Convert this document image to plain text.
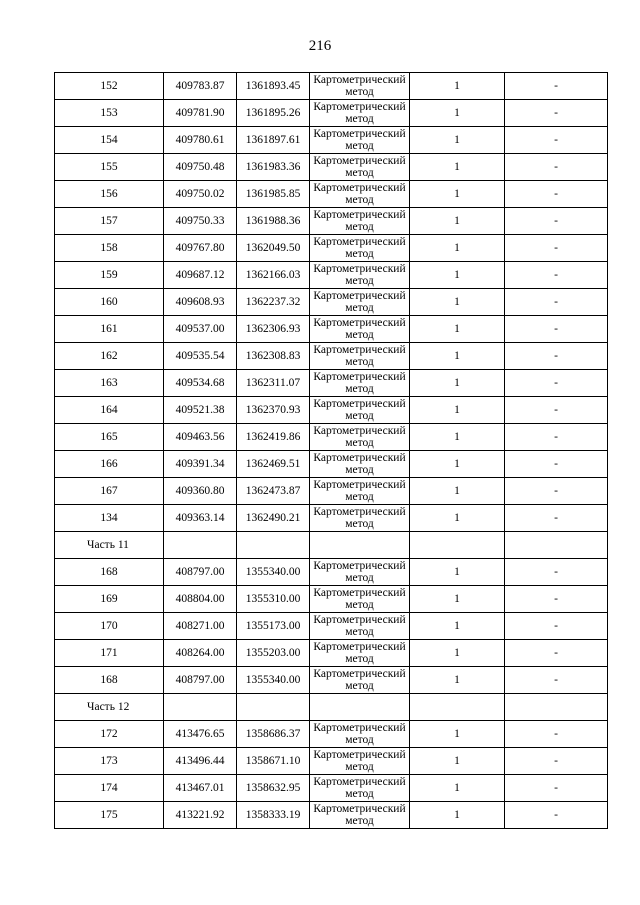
216
152	409783.87	1361893.45	Картометрический метод	1	-
153	409781.90	1361895.26	Картометрический метод	1	-
154	409780.61	1361897.61	Картометрический метод	1	-
155	409750.48	1361983.36	Картометрический метод	1	-
156	409750.02	1361985.85	Картометрический метод	1	-
157	409750.33	1361988.36	Картометрический метод	1	-
158	409767.80	1362049.50	Картометрический метод	1	-
159	409687.12	1362166.03	Картометрический метод	1	-
160	409608.93	1362237.32	Картометрический метод	1	-
161	409537.00	1362306.93	Картометрический метод	1	-
162	409535.54	1362308.83	Картометрический метод	1	-
163	409534.68	1362311.07	Картометрический метод	1	-
164	409521.38	1362370.93	Картометрический метод	1	-
165	409463.56	1362419.86	Картометрический метод	1	-
166	409391.34	1362469.51	Картометрический метод	1	-
167	409360.80	1362473.87	Картометрический метод	1	-
134	409363.14	1362490.21	Картометрический метод	1	-
Часть 11					
168	408797.00	1355340.00	Картометрический метод	1	-
169	408804.00	1355310.00	Картометрический метод	1	-
170	408271.00	1355173.00	Картометрический метод	1	-
171	408264.00	1355203.00	Картометрический метод	1	-
168	408797.00	1355340.00	Картометрический метод	1	-
Часть 12					
172	413476.65	1358686.37	Картометрический метод	1	-
173	413496.44	1358671.10	Картометрический метод	1	-
174	413467.01	1358632.95	Картометрический метод	1	-
175	413221.92	1358333.19	Картометрический метод	1	-
